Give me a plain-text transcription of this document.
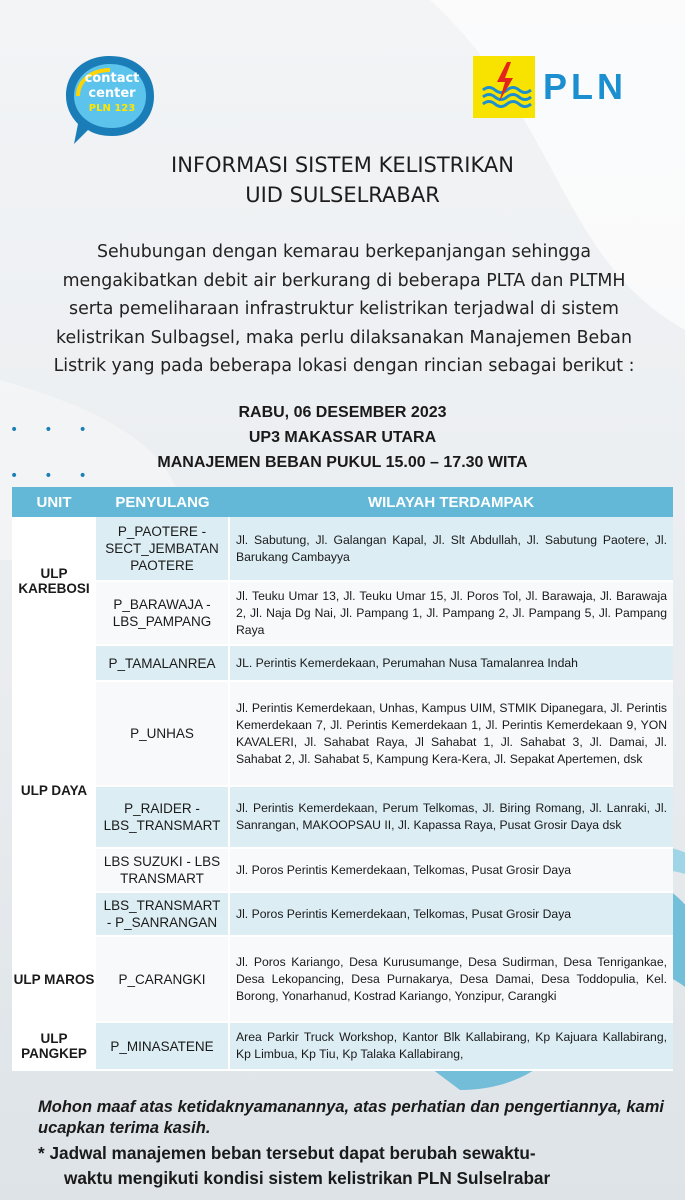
contact
center
PLN 123
PLN
INFORMASI SISTEM KELISTRIKAN
UID SULSELRABAR
Sehubungan dengan kemarau berkepanjangan sehingga
mengakibatkan debit air berkurang di beberapa PLTA dan PLTMH
serta pemeliharaan infrastruktur kelistrikan terjadwal di sistem
kelistrikan Sulbagsel, maka perlu dilaksanakan Manajemen Beban
Listrik yang pada beberapa lokasi dengan rincian sebagai berikut :
RABU, 06 DESEMBER 2023
UP3 MAKASSAR UTARA
MANAJEMEN BEBAN PUKUL 15.00 – 17.30 WITA
•••
•••
UNIT	PENYULANG	WILAYAH TERDAMPAK
ULP KAREBOSI	P_PAOTERE - SECT_JEMBATAN PAOTERE	Jl. Sabutung, Jl. Galangan Kapal, Jl. Slt Abdullah, Jl. Sabutung Paotere, Jl. Barukang Cambayya
	P_BARAWAJA - LBS_PAMPANG	Jl. Teuku Umar 13, Jl. Teuku Umar 15, Jl. Poros Tol, Jl. Barawaja, Jl. Barawaja 2, Jl. Naja Dg Nai, Jl. Pampang 1, Jl. Pampang 2, Jl. Pampang 5, Jl. Pampang Raya
ULP DAYA	P_TAMALANREA	JL. Perintis Kemerdekaan, Perumahan Nusa Tamalanrea Indah
	P_UNHAS	Jl. Perintis Kemerdekaan, Unhas, Kampus UIM, STMIK Dipanegara, Jl. Perintis Kemerdekaan 7, Jl. Perintis Kemerdekaan 1, Jl. Perintis Kemerdekaan 9, YON KAVALERI, Jl. Sahabat Raya, Jl Sahabat 1, Jl. Sahabat 3, Jl. Damai, Jl. Sahabat 2, Jl. Sahabat 5, Kampung Kera-Kera, Jl. Sepakat Apertemen, dsk
	P_RAIDER - LBS_TRANSMART	Jl. Perintis Kemerdekaan, Perum Telkomas, Jl. Biring Romang, Jl. Lanraki, Jl. Sanrangan, MAKOOPSAU II, Jl. Kapassa Raya, Pusat Grosir Daya dsk
	LBS SUZUKI - LBS TRANSMART	Jl. Poros Perintis Kemerdekaan, Telkomas, Pusat Grosir Daya
	LBS_TRANSMART - P_SANRANGAN	Jl. Poros Perintis Kemerdekaan, Telkomas, Pusat Grosir Daya
ULP MAROS	P_CARANGKI	Jl. Poros Kariango, Desa Kurusumange, Desa Sudirman, Desa Tenrigankae, Desa Lekopancing, Desa Purnakarya, Desa Damai, Desa Toddopulia, Kel. Borong, Yonarhanud, Kostrad Kariango, Yonzipur, Carangki
ULP PANGKEP	P_MINASATENE	Area Parkir Truck Workshop, Kantor Blk Kallabirang, Kp Kajuara Kallabirang, Kp Limbua, Kp Tiu, Kp Talaka Kallabirang,
Mohon maaf atas ketidaknyamanannya, atas perhatian dan pengertiannya, kami ucapkan terima kasih.
* Jadwal manajemen beban tersebut dapat berubah sewaktu-
waktu mengikuti kondisi sistem kelistrikan PLN Sulselrabar
